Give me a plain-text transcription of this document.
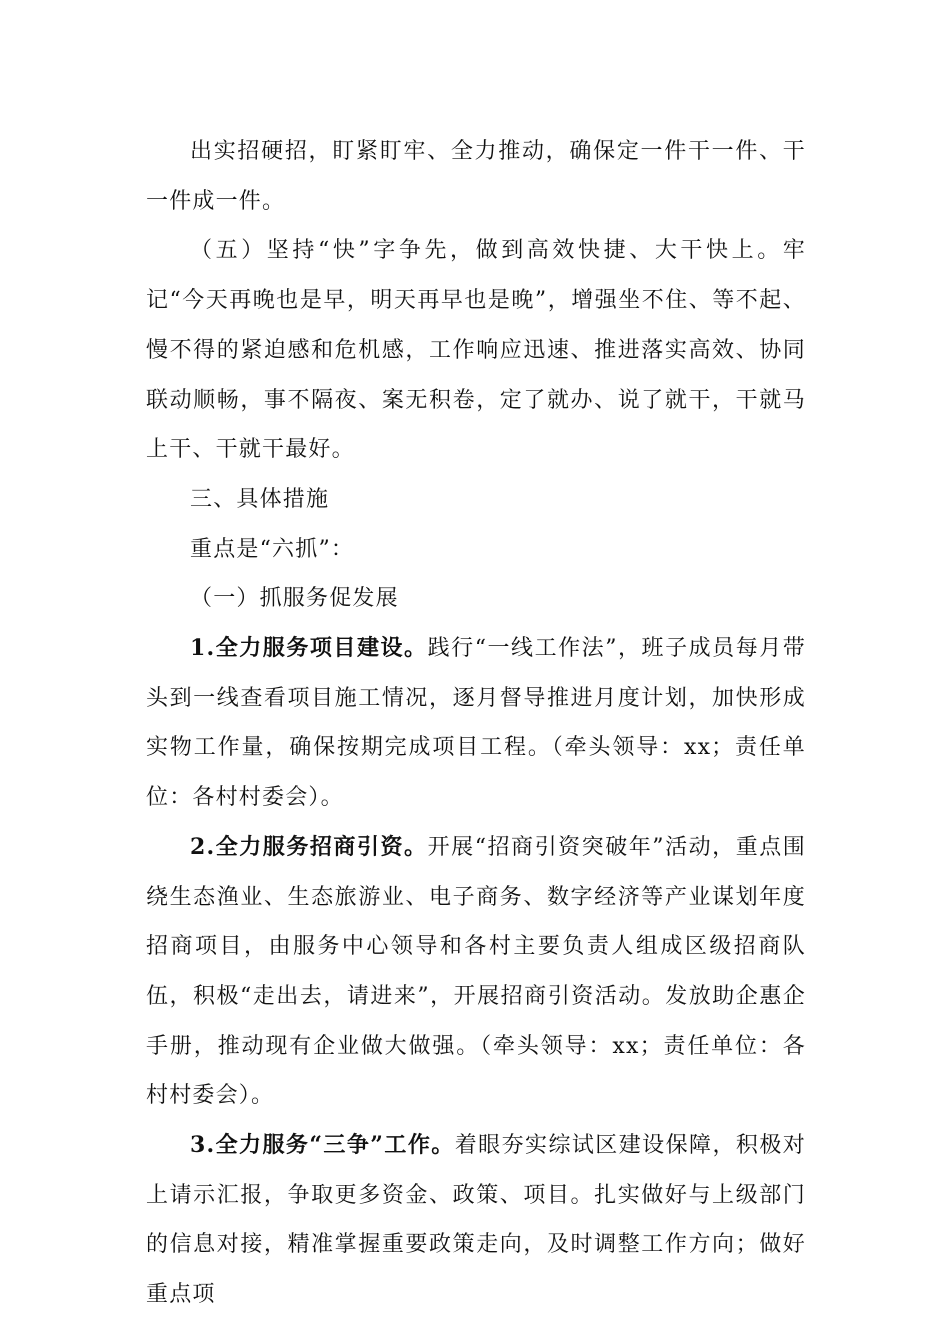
出实招硬招，盯紧盯牢、全力推动，确保定一件干一件、干一件成一件。

（五）坚持“快”字争先，做到高效快捷、大干快上。牢记“今天再晚也是早，明天再早也是晚”，增强坐不住、等不起、慢不得的紧迫感和危机感，工作响应迅速、推进落实高效、协同联动顺畅，事不隔夜、案无积卷，定了就办、说了就干，干就马上干、干就干最好。

三、具体措施

重点是“六抓”：

（一）抓服务促发展

1.全力服务项目建设。践行“一线工作法”，班子成员每月带头到一线查看项目施工情况，逐月督导推进月度计划，加快形成实物工作量，确保按期完成项目工程。（牵头领导：xx；责任单位：各村村委会）。

2.全力服务招商引资。开展“招商引资突破年”活动，重点围绕生态渔业、生态旅游业、电子商务、数字经济等产业谋划年度招商项目，由服务中心领导和各村主要负责人组成区级招商队伍，积极“走出去，请进来”，开展招商引资活动。发放助企惠企手册，推动现有企业做大做强。（牵头领导：xx；责任单位：各村村委会）。

3.全力服务“三争”工作。着眼夯实综试区建设保障，积极对上请示汇报，争取更多资金、政策、项目。扎实做好与上级部门的信息对接，精准掌握重要政策走向，及时调整工作方向；做好重点项
